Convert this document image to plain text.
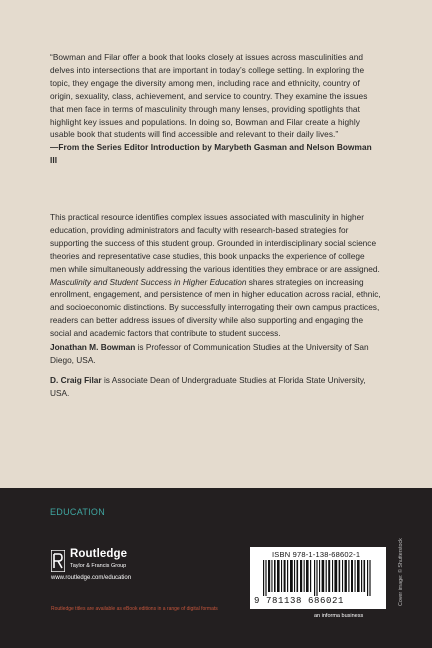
“Bowman and Filar offer a book that looks closely at issues across masculinities and delves into intersections that are important in today’s college setting. In exploring the topic, they engage the diversity among men, including race and ethnicity, country of origin, sexuality, class, achievement, and service to country. They examine the issues that men face in terms of masculinity through many lenses, providing spotlights that highlight key issues and populations. In doing so, Bowman and Filar create a highly usable book that students will find accessible and relevant to their daily lives.”

—From the Series Editor Introduction by Marybeth Gasman and Nelson Bowman III

This practical resource identifies complex issues associated with masculinity in higher education, providing administrators and faculty with research-based strategies for supporting the success of this student group. Grounded in interdisciplinary social science theories and representative case studies, this book unpacks the experience of college men while simultaneously addressing the various identities they embrace or are assigned. Masculinity and Student Success in Higher Education shares strategies on increasing enrollment, engagement, and persistence of men in higher education across racial, ethnic, and socioeconomic distinctions. By successfully interrogating their own campus practices, readers can better address issues of diversity while also supporting and engaging the social and academic factors that contribute to student success.

Jonathan M. Bowman is Professor of Communication Studies at the University of San Diego, USA.

D. Craig Filar is Associate Dean of Undergraduate Studies at Florida State University, USA.

EDUCATION
Routledge
Taylor & Francis Group
www.routledge.com/education
Routledge titles are available as eBook editions in a range of digital formats
ISBN 978-1-138-68602-1
9 781138 686021
an informa business
Cover image: © Shutterstock
